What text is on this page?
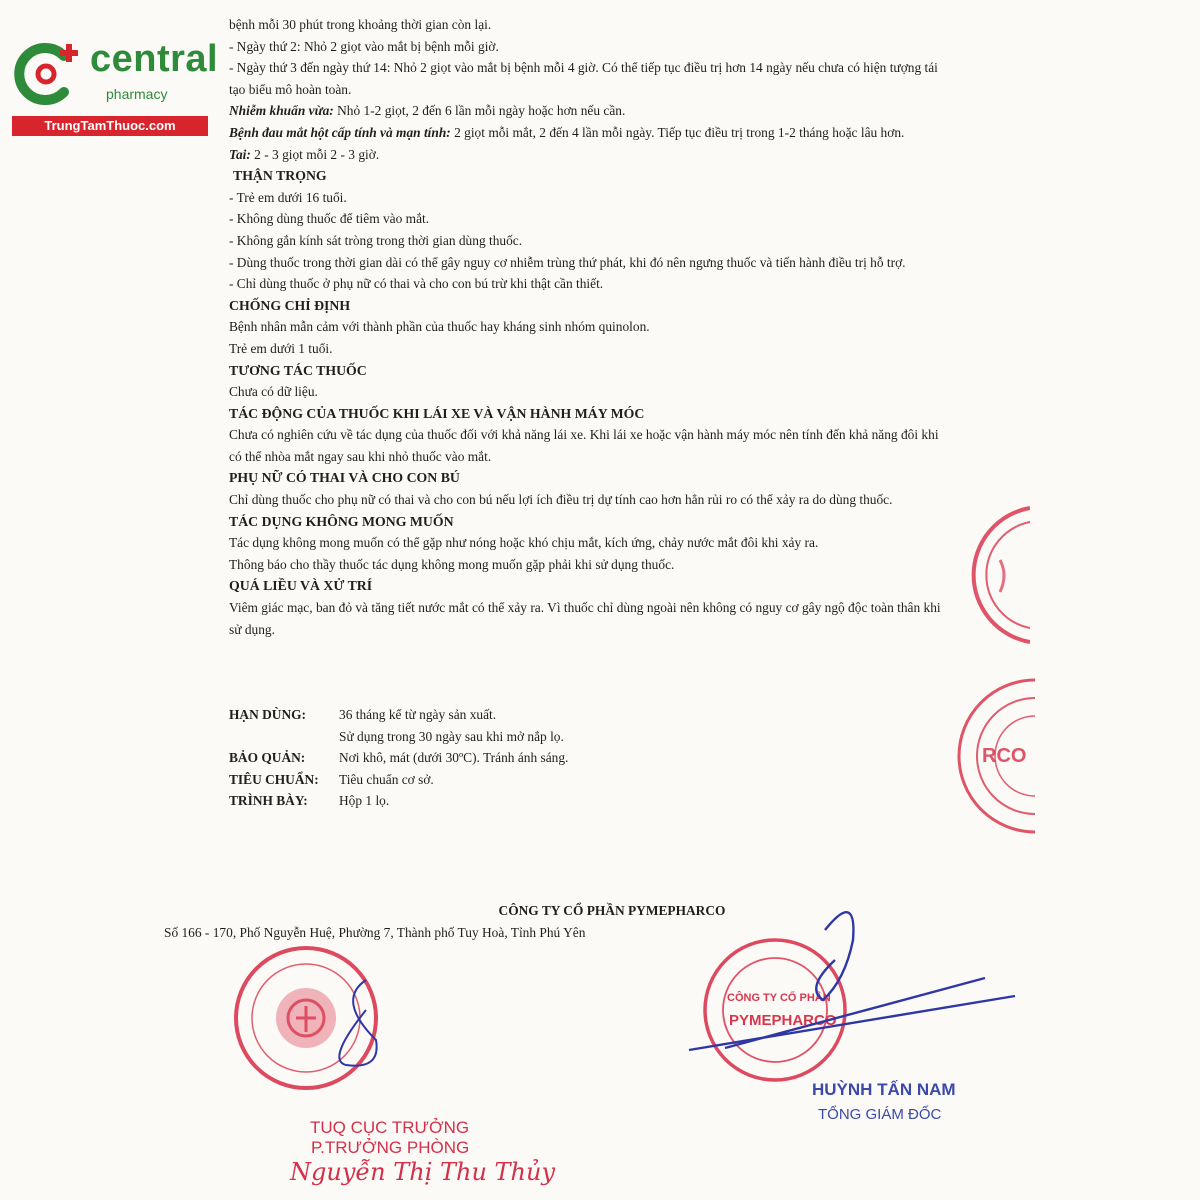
central
pharmacy
TrungTamThuoc.com

bệnh mỗi 30 phút trong khoảng thời gian còn lại.

- Ngày thứ 2: Nhỏ 2 giọt vào mắt bị bệnh mỗi giờ.

- Ngày thứ 3 đến ngày thứ 14: Nhỏ 2 giọt vào mắt bị bệnh mỗi 4 giờ. Có thể tiếp tục điều trị hơn 14 ngày nếu chưa có hiện tượng tái tạo biểu mô hoàn toàn.

Nhiễm khuẩn vừa: Nhỏ 1-2 giọt, 2 đến 6 lần mỗi ngày hoặc hơn nếu cần.

Bệnh đau mắt hột cấp tính và mạn tính: 2 giọt mỗi mắt, 2 đến 4 lần mỗi ngày. Tiếp tục điều trị trong 1-2 tháng hoặc lâu hơn.

Tai: 2 - 3 giọt mỗi 2 - 3 giờ.

THẬN TRỌNG

- Trẻ em dưới 16 tuổi.

- Không dùng thuốc để tiêm vào mắt.

- Không gắn kính sát tròng trong thời gian dùng thuốc.

- Dùng thuốc trong thời gian dài có thể gây nguy cơ nhiễm trùng thứ phát, khi đó nên ngưng thuốc và tiến hành điều trị hỗ trợ.

- Chỉ dùng thuốc ở phụ nữ có thai và cho con bú trừ khi thật cần thiết.

CHỐNG CHỈ ĐỊNH

Bệnh nhân mẫn cảm với thành phần của thuốc hay kháng sinh nhóm quinolon.

Trẻ em dưới 1 tuổi.

TƯƠNG TÁC THUỐC

Chưa có dữ liệu.

TÁC ĐỘNG CỦA THUỐC KHI LÁI XE VÀ VẬN HÀNH MÁY MÓC

Chưa có nghiên cứu về tác dụng của thuốc đối với khả năng lái xe. Khi lái xe hoặc vận hành máy móc nên tính đến khả năng đôi khi có thể nhòa mắt ngay sau khi nhỏ thuốc vào mắt.

PHỤ NỮ CÓ THAI VÀ CHO CON BÚ

Chỉ dùng thuốc cho phụ nữ có thai và cho con bú nếu lợi ích điều trị dự tính cao hơn hẳn rủi ro có thể xảy ra do dùng thuốc.

TÁC DỤNG KHÔNG MONG MUỐN

Tác dụng không mong muốn có thể gặp như nóng hoặc khó chịu mắt, kích ứng, chảy nước mắt đôi khi xảy ra.

Thông báo cho thầy thuốc tác dụng không mong muốn gặp phải khi sử dụng thuốc.

QUÁ LIỀU VÀ XỬ TRÍ

Viêm giác mạc, ban đỏ và tăng tiết nước mắt có thể xảy ra. Vì thuốc chỉ dùng ngoài nên không có nguy cơ gây ngộ độc toàn thân khi sử dụng.

HẠN DÙNG:	36 tháng kể từ ngày sản xuất.
Sử dụng trong 30 ngày sau khi mở nắp lọ.
BẢO QUẢN:	Nơi khô, mát (dưới 30ºC). Tránh ánh sáng.
TIÊU CHUẨN:	Tiêu chuẩn cơ sở.
TRÌNH BÀY:	Hộp 1 lọ.
CÔNG TY CỔ PHẦN PYMEPHARCO
Số 166 - 170, Phố Nguyễn Huệ, Phường 7, Thành phố Tuy Hoà, Tỉnh Phú Yên
RCO
TUQ CỤC TRƯỞNG
P.TRƯỞNG PHÒNG
Nguyễn Thị Thu Thủy
CÔNG TY CỔ PHẦN
PYMEPHARCO
HUỲNH TẤN NAM
TỔNG GIÁM ĐỐC
